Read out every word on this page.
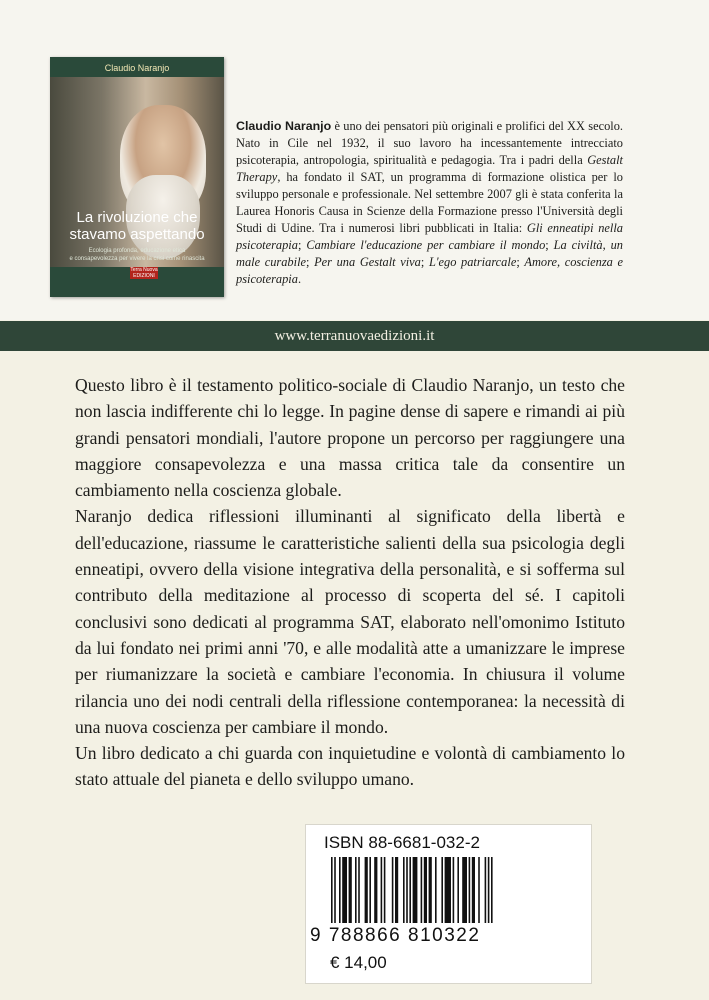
Claudio Naranjo
La rivoluzione che
stavamo aspettando
Ecologia profonda, educazione etica
e consapevolezza per vivere la crisi come rinascita
Terra Nuova
EDIZIONI
Claudio Naranjo è uno dei pensatori più originali e prolifici del XX secolo. Nato in Cile nel 1932, il suo lavoro ha incessantemente intrecciato psicoterapia, antropologia, spiritualità e pedagogia. Tra i padri della Gestalt Therapy, ha fondato il SAT, un programma di formazione olistica per lo sviluppo personale e professionale. Nel settembre 2007 gli è stata conferita la Laurea Honoris Causa in Scienze della Formazione presso l'Università degli Studi di Udine. Tra i numerosi libri pubblicati in Italia: Gli enneatipi nella psicoterapia; Cambiare l'educazione per cambiare il mondo; La civiltà, un male curabile; Per una Gestalt viva; L'ego patriarcale; Amore, coscienza e psicoterapia.
www.terranuovaedizioni.it

Questo libro è il testamento politico-sociale di Claudio Naranjo, un testo che non lascia indifferente chi lo legge. In pagine dense di sapere e rimandi ai più grandi pensatori mondiali, l'autore propone un percorso per raggiungere una maggiore consapevolezza e una massa critica tale da consentire un cambiamento nella coscienza globale.

Naranjo dedica riflessioni illuminanti al significato della libertà e dell'educazione, riassume le caratteristiche salienti della sua psicologia degli enneatipi, ovvero della visione integrativa della personalità, e si sofferma sul contributo della meditazione al processo di scoperta del sé. I capitoli conclusivi sono dedicati al programma SAT, elaborato nell'omonimo Istituto da lui fondato nei primi anni '70, e alle modalità atte a umanizzare le imprese per riumanizzare la società e cambiare l'economia. In chiusura il volume rilancia uno dei nodi centrali della riflessione contemporanea: la necessità di una nuova coscienza per cambiare il mondo.

Un libro dedicato a chi guarda con inquietudine e volontà di cambiamento lo stato attuale del pianeta e dello sviluppo umano.

ISBN 88-6681-032-2
9 788866 810322
€ 14,00
